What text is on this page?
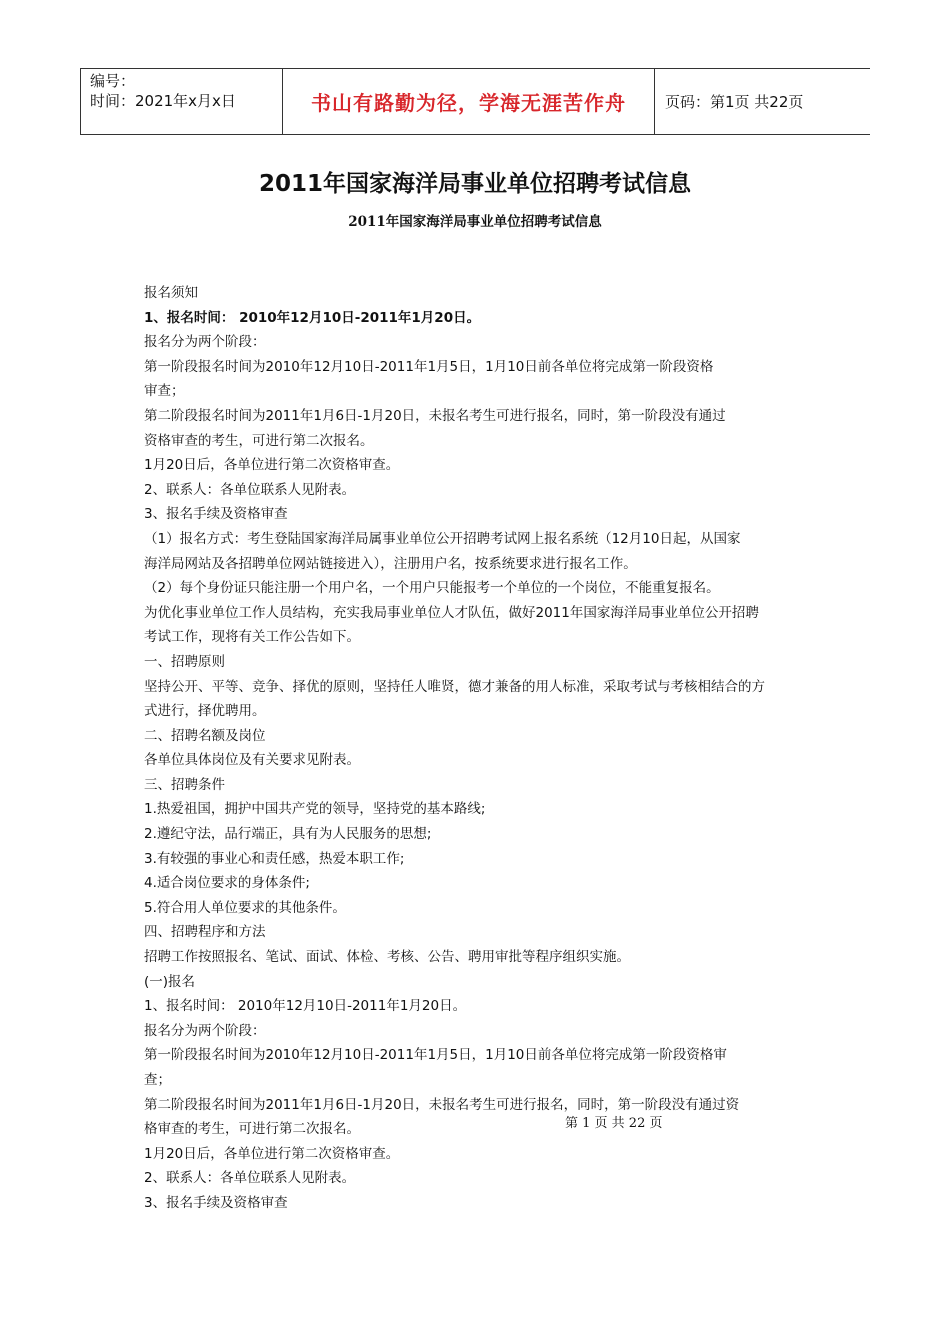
编号：
时间：2021年x月x日	书山有路勤为径，学海无涯苦作舟	页码：第1页 共22页
2011年国家海洋局事业单位招聘考试信息
2011年国家海洋局事业单位招聘考试信息

报名须知

1、报名时间： 2010年12月10日-2011年1月20日。

报名分为两个阶段：

第一阶段报名时间为2010年12月10日-2011年1月5日，1月10日前各单位将完成第一阶段资格

审查；

第二阶段报名时间为2011年1月6日-1月20日，未报名考生可进行报名，同时，第一阶段没有通过

资格审查的考生，可进行第二次报名。

1月20日后，各单位进行第二次资格审查。

2、联系人：各单位联系人见附表。

3、报名手续及资格审查

（1）报名方式：考生登陆国家海洋局属事业单位公开招聘考试网上报名系统（12月10日起，从国家

海洋局网站及各招聘单位网站链接进入），注册用户名，按系统要求进行报名工作。

（2）每个身份证只能注册一个用户名，一个用户只能报考一个单位的一个岗位，不能重复报名。

为优化事业单位工作人员结构，充实我局事业单位人才队伍，做好2011年国家海洋局事业单位公开招聘

考试工作，现将有关工作公告如下。

一、招聘原则

坚持公开、平等、竞争、择优的原则，坚持任人唯贤，德才兼备的用人标准，采取考试与考核相结合的方

式进行，择优聘用。

二、招聘名额及岗位

各单位具体岗位及有关要求见附表。

三、招聘条件

1.热爱祖国，拥护中国共产党的领导，坚持党的基本路线;

2.遵纪守法，品行端正，具有为人民服务的思想;

3.有较强的事业心和责任感，热爱本职工作;

4.适合岗位要求的身体条件;

5.符合用人单位要求的其他条件。

四、招聘程序和方法

招聘工作按照报名、笔试、面试、体检、考核、公告、聘用审批等程序组织实施。

(一)报名

1、报名时间： 2010年12月10日-2011年1月20日。

报名分为两个阶段：

第一阶段报名时间为2010年12月10日-2011年1月5日，1月10日前各单位将完成第一阶段资格审

查；

第二阶段报名时间为2011年1月6日-1月20日，未报名考生可进行报名，同时，第一阶段没有通过资

格审查的考生，可进行第二次报名。

1月20日后，各单位进行第二次资格审查。

2、联系人：各单位联系人见附表。

3、报名手续及资格审查

第 1 页 共 22 页
